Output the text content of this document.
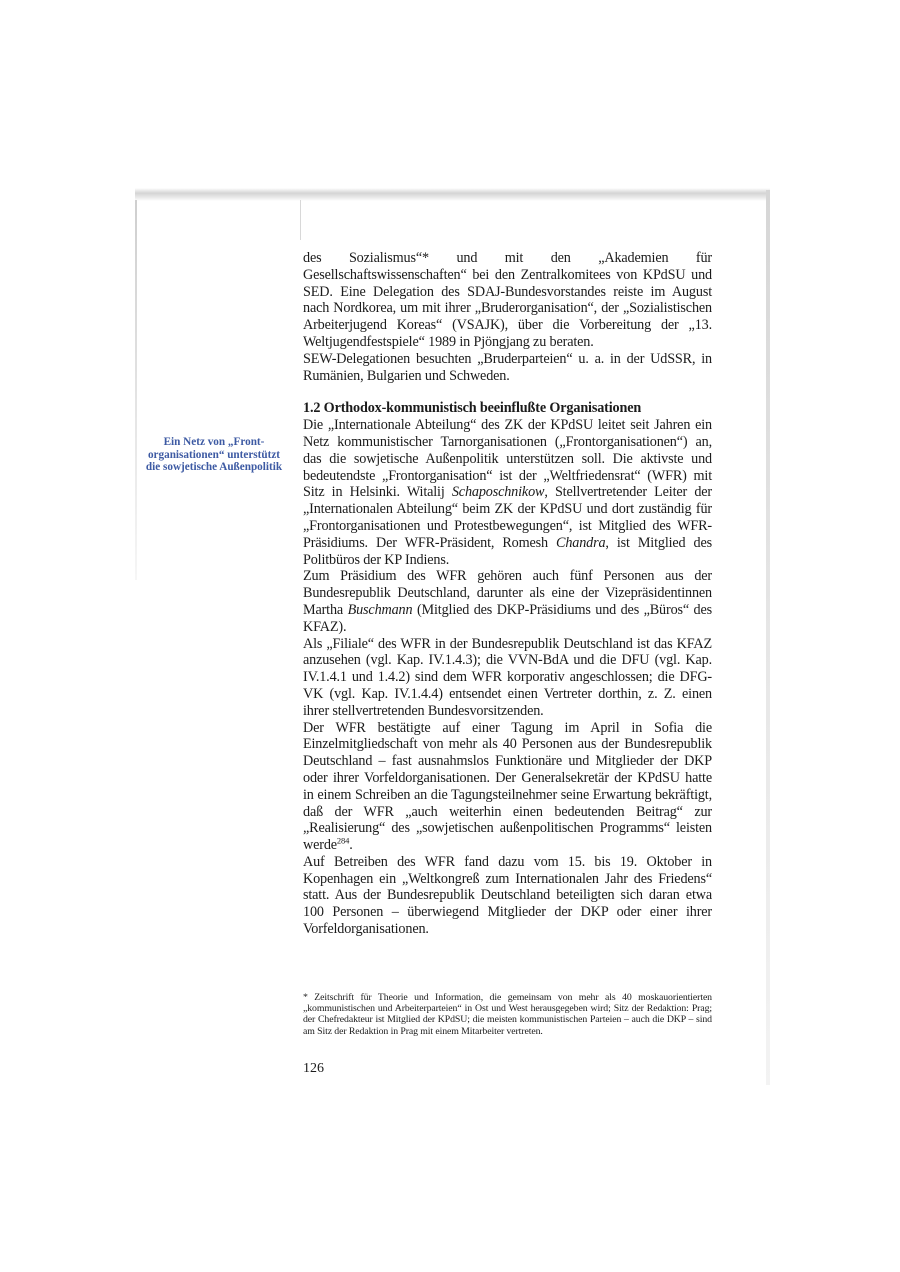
Ein Netz von „Front-organisationen“ unterstützt die sowjetische Außenpolitik

des Sozialismus“* und mit den „Akademien für Gesellschaftswissenschaften“ bei den Zentralkomitees von KPdSU und SED. Eine Delegation des SDAJ-Bundesvorstandes reiste im August nach Nordkorea, um mit ihrer „Bruderorganisation“, der „Sozialistischen Arbeiterjugend Koreas“ (VSAJK), über die Vorbereitung der „13. Weltjugendfestspiele“ 1989 in Pjöngjang zu beraten.

SEW-Delegationen besuchten „Bruderparteien“ u. a. in der UdSSR, in Rumänien, Bulgarien und Schweden.

1.2 Orthodox-kommunistisch beeinflußte Organisationen

Die „Internationale Abteilung“ des ZK der KPdSU leitet seit Jahren ein Netz kommunistischer Tarnorganisationen („Frontorganisationen“) an, das die sowjetische Außenpolitik unterstützen soll. Die aktivste und bedeutendste „Frontorganisation“ ist der „Weltfriedensrat“ (WFR) mit Sitz in Helsinki. Witalij Schaposchnikow, Stellvertretender Leiter der „Internationalen Abteilung“ beim ZK der KPdSU und dort zuständig für „Frontorganisationen und Protestbewegungen“, ist Mitglied des WFR-Präsidiums. Der WFR-Präsident, Romesh Chandra, ist Mitglied des Politbüros der KP Indiens.

Zum Präsidium des WFR gehören auch fünf Personen aus der Bundesrepublik Deutschland, darunter als eine der Vizepräsidentinnen Martha Buschmann (Mitglied des DKP-Präsidiums und des „Büros“ des KFAZ).

Als „Filiale“ des WFR in der Bundesrepublik Deutschland ist das KFAZ anzusehen (vgl. Kap. IV.1.4.3); die VVN-BdA und die DFU (vgl. Kap. IV.1.4.1 und 1.4.2) sind dem WFR korporativ angeschlossen; die DFG-VK (vgl. Kap. IV.1.4.4) entsendet einen Vertreter dorthin, z. Z. einen ihrer stellvertretenden Bundesvorsitzenden.

Der WFR bestätigte auf einer Tagung im April in Sofia die Einzelmitgliedschaft von mehr als 40 Personen aus der Bundesrepublik Deutschland – fast ausnahmslos Funktionäre und Mitglieder der DKP oder ihrer Vorfeldorganisationen. Der Generalsekretär der KPdSU hatte in einem Schreiben an die Tagungsteilnehmer seine Erwartung bekräftigt, daß der WFR „auch weiterhin einen bedeutenden Beitrag“ zur „Realisierung“ des „sowjetischen außenpolitischen Programms“ leisten werde$^{284}$.

Auf Betreiben des WFR fand dazu vom 15. bis 19. Oktober in Kopenhagen ein „Weltkongreß zum Internationalen Jahr des Friedens“ statt. Aus der Bundesrepublik Deutschland beteiligten sich daran etwa 100 Personen – überwiegend Mitglieder der DKP oder einer ihrer Vorfeldorganisationen.

* Zeitschrift für Theorie und Information, die gemeinsam von mehr als 40 moskauorientierten „kommunistischen und Arbeiterparteien“ in Ost und West herausgegeben wird; Sitz der Redaktion: Prag; der Chefredakteur ist Mitglied der KPdSU; die meisten kommunistischen Parteien – auch die DKP – sind am Sitz der Redaktion in Prag mit einem Mitarbeiter vertreten.

126
